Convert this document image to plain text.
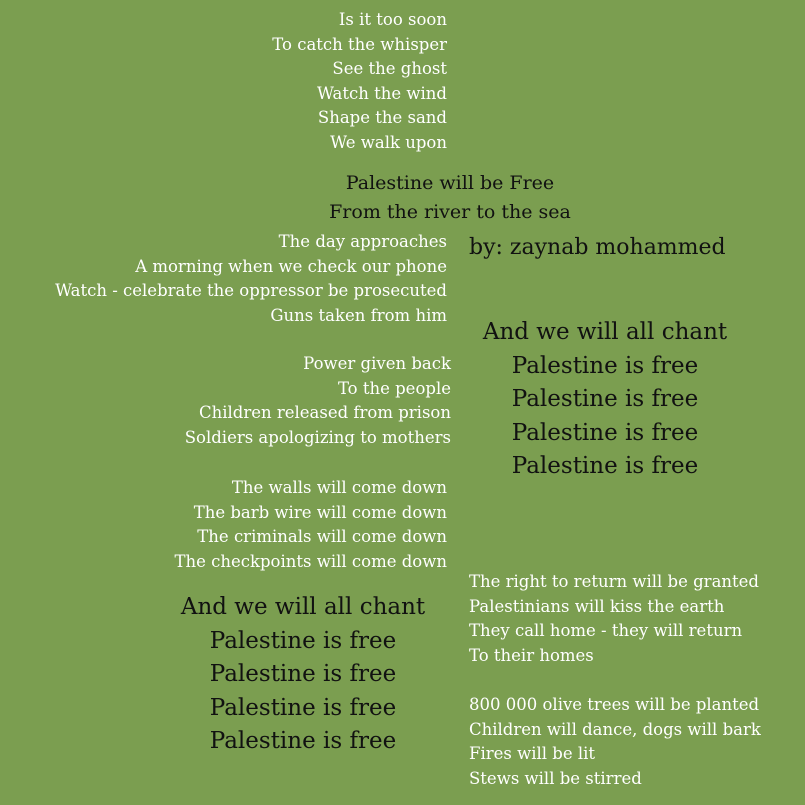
Is it too soon
To catch the whisper
See the ghost
Watch the wind
Shape the sand
We walk upon
Palestine will be Free
From the river to the sea
by: zaynab mohammed
The day approaches
A morning when we check our phone
Watch - celebrate the oppressor be prosecuted
Guns taken from him
Power given back
To the people
Children released from prison
Soldiers apologizing to mothers
The walls will come down
The barb wire will come down
The criminals will come down
The checkpoints will come down
And we will all chant
Palestine is free
Palestine is free
Palestine is free
Palestine is free
And we will all chant
Palestine is free
Palestine is free
Palestine is free
Palestine is free
The right to return will be granted
Palestinians will kiss the earth
They call home - they will return
To their homes
800 000 olive trees will be planted
Children will dance, dogs will bark
Fires will be lit
Stews will be stirred
